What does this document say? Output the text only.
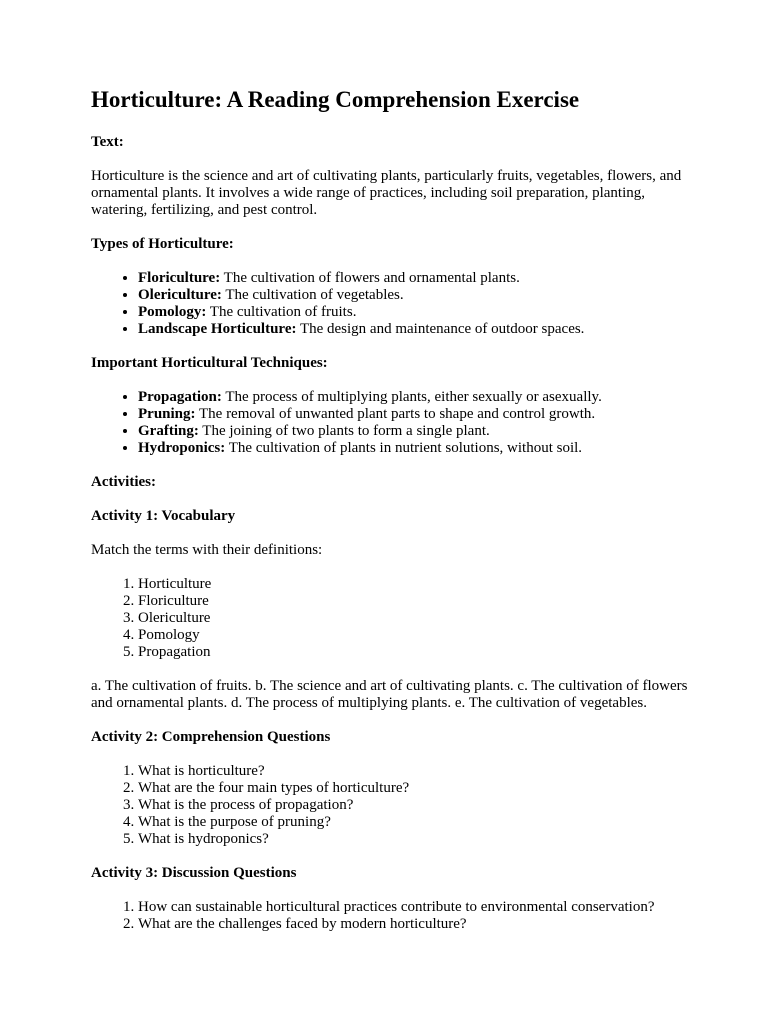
Horticulture: A Reading Comprehension Exercise

Text:

Horticulture is the science and art of cultivating plants, particularly fruits, vegetables, flowers, and ornamental plants. It involves a wide range of practices, including soil preparation, planting, watering, fertilizing, and pest control.

Types of Horticulture:

• Floriculture: The cultivation of flowers and ornamental plants.
• Olericulture: The cultivation of vegetables.
• Pomology: The cultivation of fruits.
• Landscape Horticulture: The design and maintenance of outdoor spaces.

Important Horticultural Techniques:

• Propagation: The process of multiplying plants, either sexually or asexually.
• Pruning: The removal of unwanted plant parts to shape and control growth.
• Grafting: The joining of two plants to form a single plant.
• Hydroponics: The cultivation of plants in nutrient solutions, without soil.

Activities:

Activity 1: Vocabulary

Match the terms with their definitions:

1. Horticulture
2. Floriculture
3. Olericulture
4. Pomology
5. Propagation

a. The cultivation of fruits. b. The science and art of cultivating plants. c. The cultivation of flowers and ornamental plants. d. The process of multiplying plants. e. The cultivation of vegetables.

Activity 2: Comprehension Questions

1. What is horticulture?
2. What are the four main types of horticulture?
3. What is the process of propagation?
4. What is the purpose of pruning?
5. What is hydroponics?

Activity 3: Discussion Questions

1. How can sustainable horticultural practices contribute to environmental conservation?
2. What are the challenges faced by modern horticulture?
